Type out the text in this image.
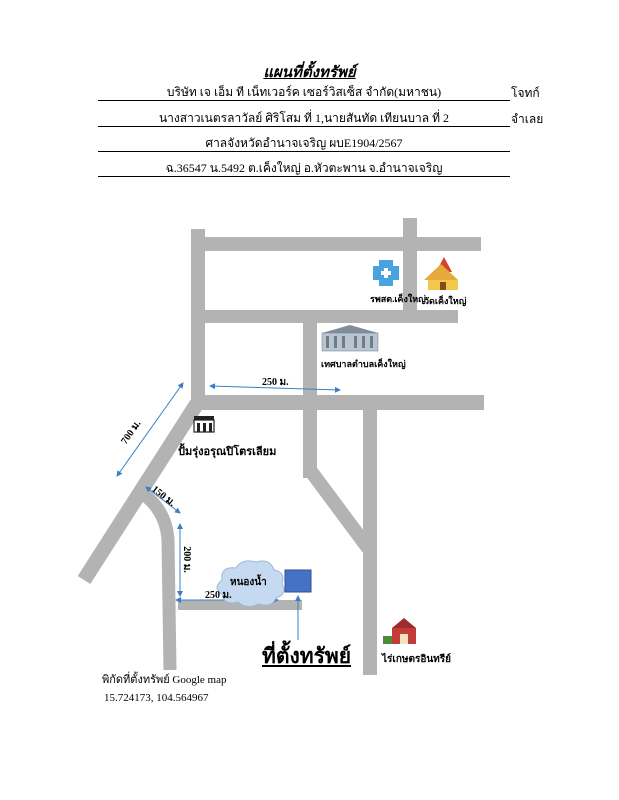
แผนที่ตั้งทรัพย์
บริษัท เจ เอ็ม ที เน็ทเวอร์ค เซอร์วิสเซ็ส จำกัด(มหาชน)	โจทก์
นางสาวเนตรลาวัลย์ ศิริโสม ที่ 1,นายสันทัด เทียนบาล ที่ 2	จำเลย
ศาลจังหวัดอำนาจเจริญ ผบE1904/2567
ฉ.36547 น.5492 ต.เค็งใหญ่ อ.หัวตะพาน จ.อำนาจเจริญ
รพสต.เค็งใหญ่
วัดเค็งใหญ่
เทศบาลตำบลเค็งใหญ่
ปั้มรุ่งอรุณปิโตรเลียม
ไร่เกษตรอินทรีย์
หนองน้ำ
250 ม.
700 ม.
150 ม.
200 ม.
250 ม.
ที่ตั้งทรัพย์
พิกัดที่ตั้งทรัพย์ Google map
15.724173, 104.564967
